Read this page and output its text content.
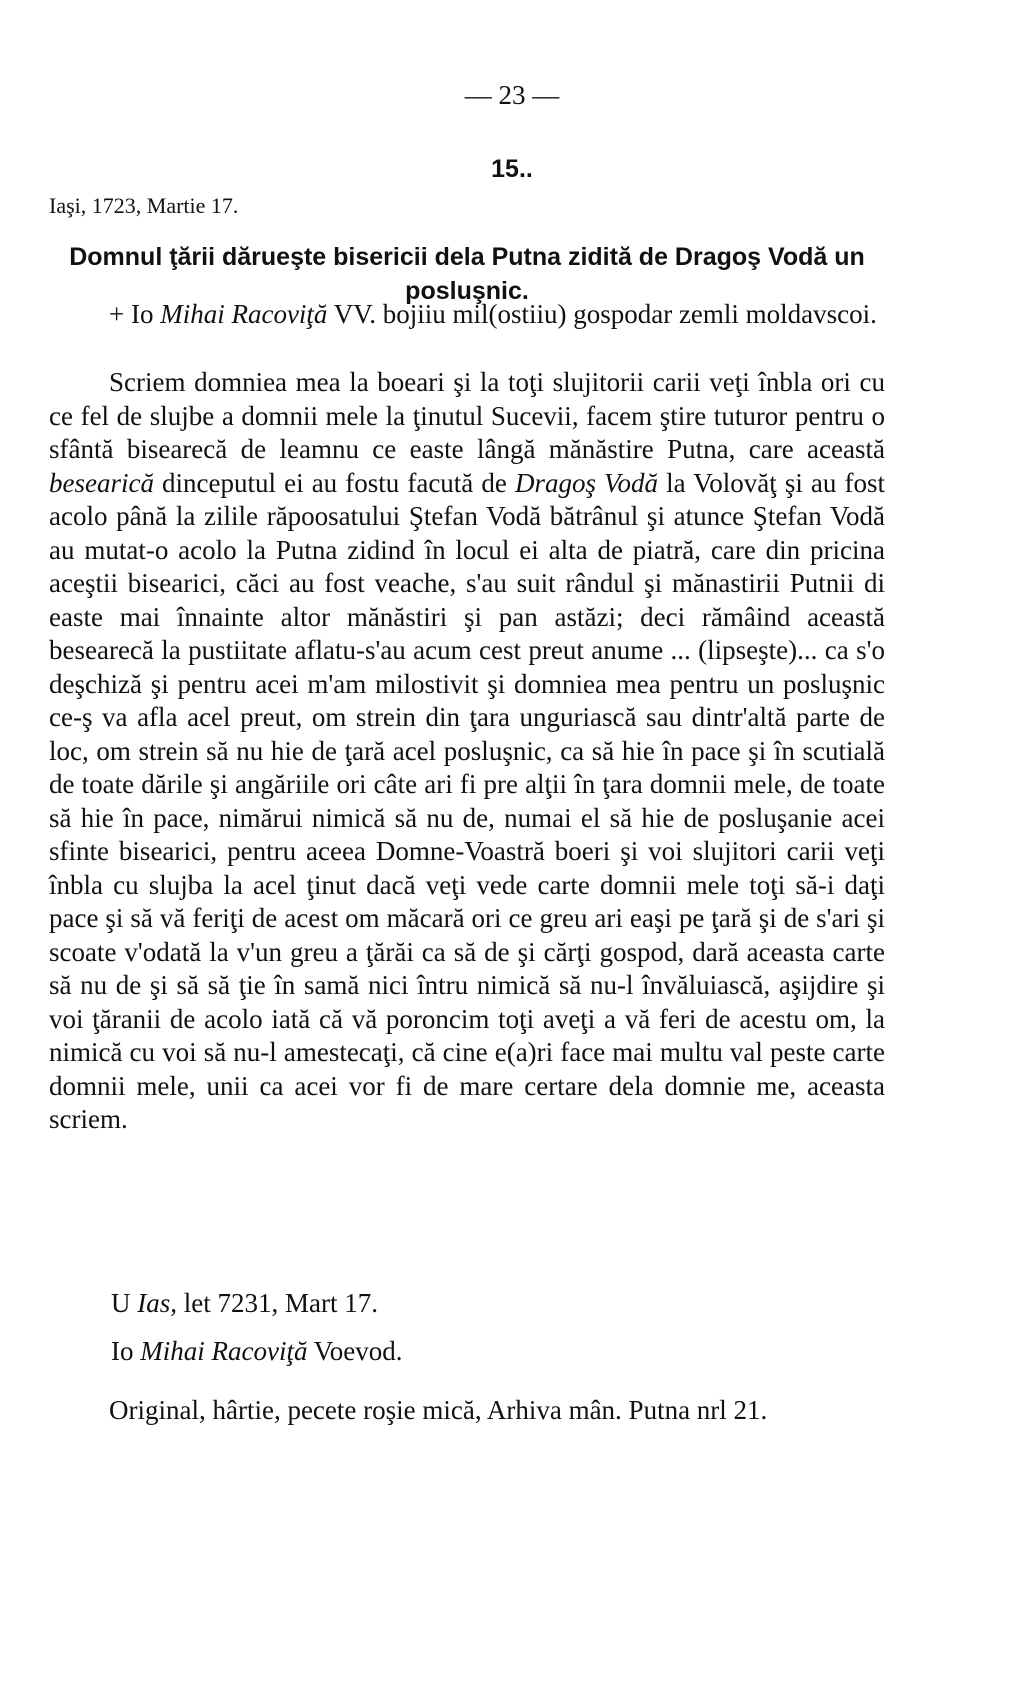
— 23 —
15..
Iaşi, 1723, Martie 17.
Domnul ţării dărueşte bisericii dela Putna zidită de Dragoş Vodă un posluşnic.

+ Io Mihai Racoviţă VV. bojiiu mil(ostiiu) gospodar zemli moldavscoi.

Scriem domniea mea la boeari şi la toţi slujitorii carii veţi înbla ori cu ce fel de slujbe a domnii mele la ţinutul Sucevii, facem ştire tuturor pentru o sfântă bisearecă de leamnu ce easte lângă mănăstire Putna, care această besearică dinceputul ei au fostu facută de Dragoş Vodă la Volovăţ şi au fost acolo până la zilile răpoosatului Ştefan Vodă bătrânul şi atunce Ştefan Vodă au mutat-o acolo la Putna zidind în locul ei alta de piatră, care din pricina aceştii bisearici, căci au fost veache, s'au suit rândul şi mănastirii Putnii di easte mai înnainte altor mănăstiri şi pan astăzi; deci rămâind această besearecă la pustiitate aflatu-s'au acum cest preut anume ... (lipseşte)... ca s'o deşchiză şi pentru acei m'am milostivit şi domniea mea pentru un posluşnic ce-ş va afla acel preut, om strein din ţara unguriască sau dintr'altă parte de loc, om strein să nu hie de ţară acel posluşnic, ca să hie în pace şi în scutială de toate dările şi angăriile ori câte ari fi pre alţii în ţara domnii mele, de toate să hie în pace, nimărui nimică să nu de, numai el să hie de posluşanie acei sfinte bisearici, pentru aceea Domne-Voastră boeri şi voi slujitori carii veţi înbla cu slujba la acel ţinut dacă veţi vede carte domnii mele toţi să-i daţi pace şi să vă feriţi de acest om măcară ori ce greu ari eaşi pe ţară şi de s'ari şi scoate v'odată la v'un greu a ţărăi ca să de şi cărţi gospod, dară aceasta carte să nu de şi să să ţie în samă nici întru nimică să nu-l învăluiască, aşijdire şi voi ţăranii de acolo iată că vă poroncim toţi aveţi a vă feri de acestu om, la nimică cu voi să nu-l amestecaţi, că cine e(a)ri face mai multu val peste carte domnii mele, unii ca acei vor fi de mare certare dela domnie me, aceasta scriem.

U Ias, let 7231, Mart 17.
Io Mihai Racoviţă Voevod.

Original, hârtie, pecete roşie mică, Arhiva mân. Putna nrl 21.
